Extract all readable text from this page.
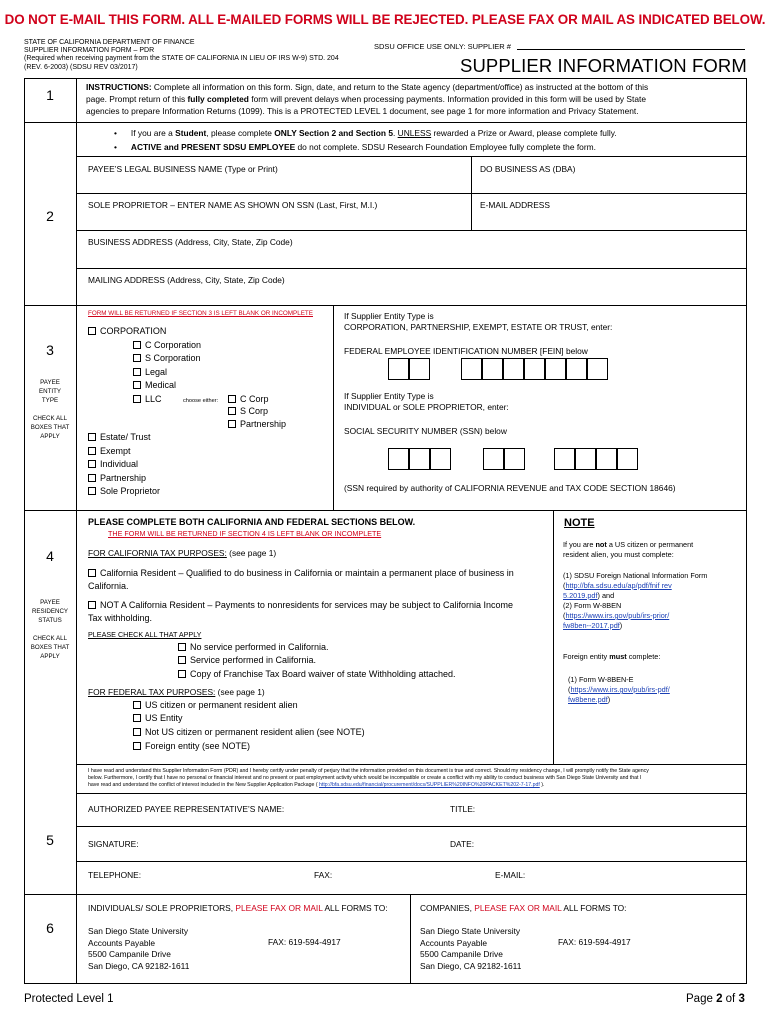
DO NOT E-MAIL THIS FORM. ALL E-MAILED FORMS WILL BE REJECTED. PLEASE FAX OR MAIL AS INDICATED BELOW.
STATE OF CALIFORNIA DEPARTMENT OF FINANCE
SUPPLIER INFORMATION FORM – PDR
(Required when receiving payment from the STATE OF CALIFORNIA IN LIEU OF IRS W-9) STD. 204
(REV. 6-2003) (SDSU REV 03/2017)
SDSU OFFICE USE ONLY: SUPPLIER #
SUPPLIER INFORMATION FORM
1	INSTRUCTIONS: Complete all information on this form. Sign, date, and return to the State agency (department/office) as instructed at the bottom of this
page. Prompt return of this fully completed form will prevent delays when processing payments. Information provided in this form will be used by State
agencies to prepare Information Returns (1099). This is a PROTECTED LEVEL 1 document, see page 1 for more information and Privacy Statement.
•      If you are a Student, please complete ONLY Section 2 and Section 5. UNLESS rewarded a Prize or Award, please complete fully.
•      ACTIVE and PRESENT SDSU EMPLOYEE do not complete. SDSU Research Foundation Employee fully complete the form.
2
PAYEE’S LEGAL BUSINESS NAME (Type or Print)	DO BUSINESS AS (DBA)
SOLE PROPRIETOR – ENTER NAME AS SHOWN ON SSN (Last, First, M.I.)	E-MAIL ADDRESS
BUSINESS ADDRESS (Address, City, State, Zip Code)
MAILING ADDRESS (Address, City, State, Zip Code)
3
PAYEE
ENTITY
TYPE
CHECK ALL
BOXES THAT
APPLY
FORM WILL BE RETURNED IF SECTION 3 IS LEFT BLANK OR INCOMPLETE
CORPORATION
C Corporation
S Corporation
Legal
Medical
LLC	choose either:	C Corp
S Corp
Partnership
Estate/ Trust
Exempt
Individual
Partnership
Sole Proprietor
If Supplier Entity Type is
CORPORATION, PARTNERSHIP, EXEMPT, ESTATE OR TRUST, enter:
FEDERAL EMPLOYEE IDENTIFICATION NUMBER [FEIN] below
If Supplier Entity Type is
INDIVIDUAL or SOLE PROPRIETOR, enter:
SOCIAL SECURITY NUMBER (SSN) below
(SSN required by authority of CALIFORNIA REVENUE and TAX CODE SECTION 18646)
4
PAYEE
RESIDENCY
STATUS
CHECK ALL
BOXES THAT
APPLY
PLEASE COMPLETE BOTH CALIFORNIA AND FEDERAL SECTIONS BELOW.
THE FORM WILL BE RETURNED IF SECTION 4 IS LEFT BLANK OR INCOMPLETE
FOR CALIFORNIA TAX PURPOSES: (see page 1)
California Resident – Qualified to do business in California or maintain a permanent place of business in
California.
NOT A California Resident – Payments to nonresidents for services may be subject to California Income
Tax withholding.
PLEASE CHECK ALL THAT APPLY
No service performed in California.
Service performed in California.
Copy of Franchise Tax Board waiver of state Withholding attached.
FOR FEDERAL TAX PURPOSES: (see page 1)
US citizen or permanent resident alien
US Entity
Not US citizen or permanent resident alien (see NOTE)
Foreign entity (see NOTE)
NOTE
If you are not a US citizen or permanent
resident alien, you must complete:
(1) SDSU Foreign National Information Form
(http://bfa.sdsu.edu/ap/pdf/fnif rev
5.2019.pdf) and
(2) Form W-8BEN
(https://www.irs.gov/pub/irs-prior/
fw8ben--2017.pdf)
Foreign entity must complete:
(1) Form W-8BEN-E
(https://www.irs.gov/pub/irs-pdf/
fw8bene.pdf)
I have read and understand this Supplier Information Form (PDR) and I hereby certify under penalty of perjury that the information provided on this document is true and correct. Should my residency change, I will promptly notify the State agency
below. Furthermore, I certify that I have no personal or financial interest and no present or past employment activity which would be incompatible or create a conflict with my ability to conduct business with San Diego State University and that I
have read and understand the conflict of interest included in the New Supplier Application Package ( http://bfa.sdsu.edu/financial/procurement/docs/SUPPLIER%20INFO%20PACKET%202-7-17.pdf ).
5
AUTHORIZED PAYEE REPRESENTATIVE’S NAME:	TITLE:
SIGNATURE:	DATE:
TELEPHONE:	FAX:	E-MAIL:
6
INDIVIDUALS/ SOLE PROPRIETORS, PLEASE FAX OR MAIL ALL FORMS TO:	COMPANIES, PLEASE FAX OR MAIL ALL FORMS TO:
San Diego State University
Accounts Payable
5500 Campanile Drive
San Diego, CA 92182-1611
FAX: 619-594-4917
San Diego State University
Accounts Payable
5500 Campanile Drive
San Diego, CA 92182-1611
FAX: 619-594-4917
Protected Level 1	Page 2 of 3
